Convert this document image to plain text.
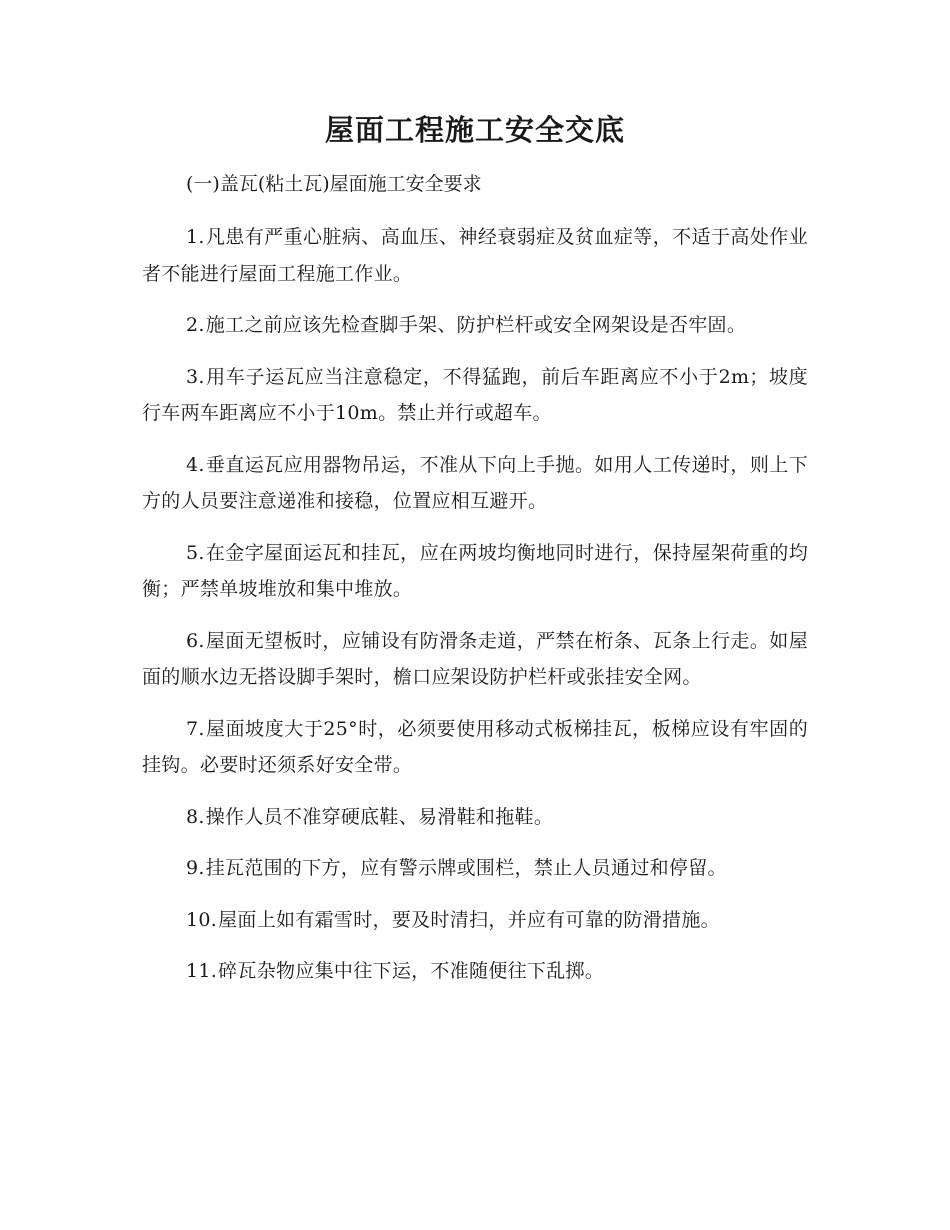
屋面工程施工安全交底

(一)盖瓦(粘土瓦)屋面施工安全要求

1.凡患有严重心脏病、高血压、神经衰弱症及贫血症等，不适于高处作业者不能进行屋面工程施工作业。

2.施工之前应该先检查脚手架、防护栏杆或安全网架设是否牢固。

3.用车子运瓦应当注意稳定，不得猛跑，前后车距离应不小于2m；坡度行车两车距离应不小于10m。禁止并行或超车。

4.垂直运瓦应用器物吊运，不准从下向上手抛。如用人工传递时，则上下方的人员要注意递准和接稳，位置应相互避开。

5.在金字屋面运瓦和挂瓦，应在两坡均衡地同时进行，保持屋架荷重的均衡；严禁单坡堆放和集中堆放。

6.屋面无望板时，应铺设有防滑条走道，严禁在桁条、瓦条上行走。如屋面的顺水边无搭设脚手架时，檐口应架设防护栏杆或张挂安全网。

7.屋面坡度大于25°时，必须要使用移动式板梯挂瓦，板梯应设有牢固的挂钩。必要时还须系好安全带。

8.操作人员不准穿硬底鞋、易滑鞋和拖鞋。

9.挂瓦范围的下方，应有警示牌或围栏，禁止人员通过和停留。

10.屋面上如有霜雪时，要及时清扫，并应有可靠的防滑措施。

11.碎瓦杂物应集中往下运，不准随便往下乱掷。
